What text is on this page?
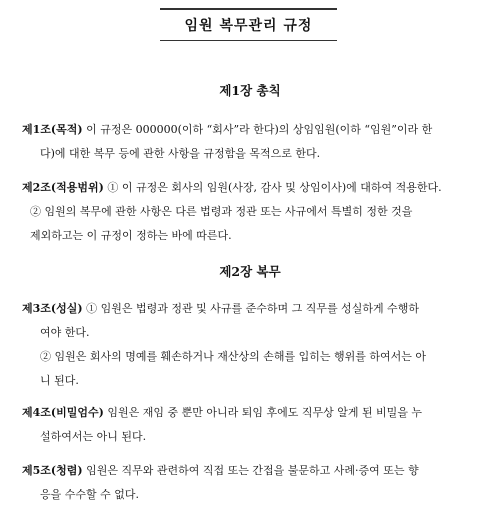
임원 복무관리 규정
제1장 총칙
제1조(목적) 이 규정은 000000(이하 “회사”라 한다)의 상임임원(이하 “임원”이라 한
다)에 대한 복무 등에 관한 사항을 규정함을 목적으로 한다.
제2조(적용범위) ① 이 규정은 회사의 임원(사장, 감사 및 상임이사)에 대하여 적용한다.
② 임원의 복무에 관한 사항은 다른 법령과 정관 또는 사규에서 특별히 정한 것을
제외하고는 이 규정이 정하는 바에 따른다.
제2장 복무
제3조(성실) ① 임원은 법령과 정관 및 사규를 준수하며 그 직무를 성실하게 수행하
여야 한다.
② 임원은 회사의 명예를 훼손하거나 재산상의 손해를 입히는 행위를 하여서는 아
니 된다.
제4조(비밀엄수) 임원은 재임 중 뿐만 아니라 퇴임 후에도 직무상 알게 된 비밀을 누
설하여서는 아니 된다.
제5조(청렴) 임원은 직무와 관련하여 직접 또는 간접을 불문하고 사례·증여 또는 향
응을 수수할 수 없다.
